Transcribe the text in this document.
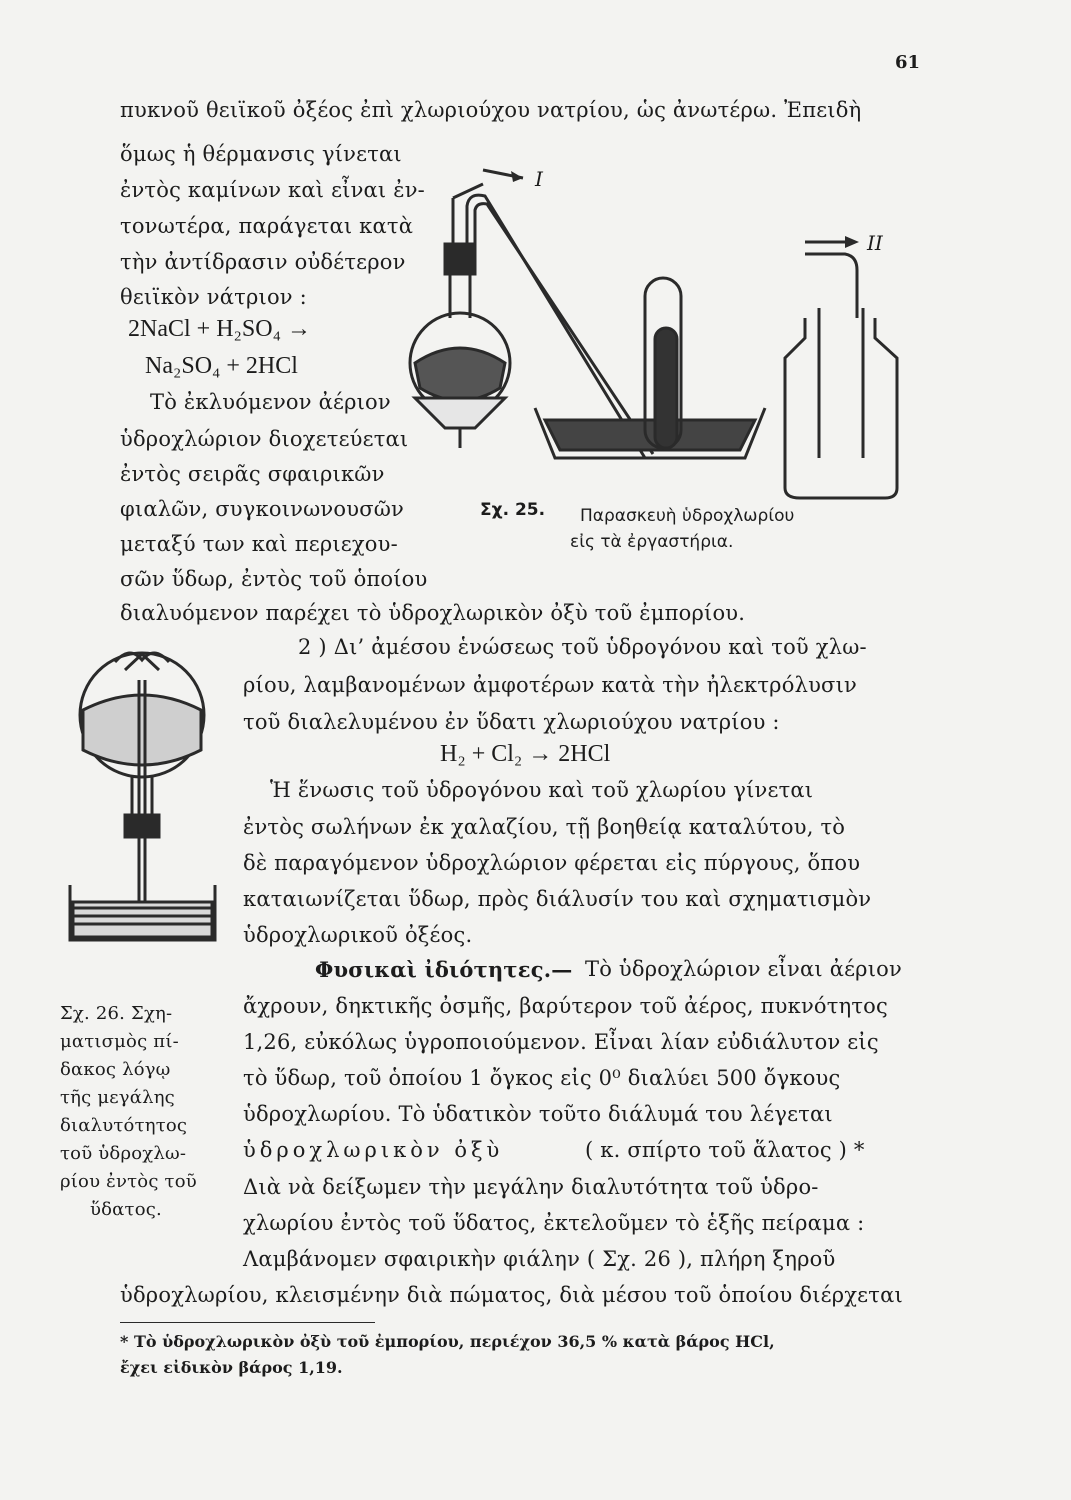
61
πυκνοῦ θειϊκοῦ ὀξέος ἐπὶ χλωριούχου νατρίου, ὡς ἀνωτέρω. Ἐπειδὴ
ὅμως ἡ θέρμανσις γίνεται
ἐντὸς καμίνων καὶ εἶναι ἐν-
τονωτέρα, παράγεται κατὰ
τὴν ἀντίδρασιν οὐδέτερον
θειϊκὸν νάτριον :
2NaCl + H₂SO₄ →
Na₂SO₄ + 2HCl
Τὸ ἐκλυόμενον ἀέριον
ὑδροχλώριον διοχετεύεται
ἐντὸς σειρᾶς σφαιρικῶν
φιαλῶν, συγκοινωνουσῶν
μεταξύ των καὶ περιεχου-
σῶν ὕδωρ, ἐντὸς τοῦ ὁποίου
διαλυόμενον παρέχει τὸ ὑδροχλωρικὸν ὀξὺ τοῦ ἐμπορίου.
I
II
Σχ. 25. Παρασκευὴ ὑδροχλωρίου
εἰς τὰ ἐργαστήρια.
2 ) Δι’ ἀμέσου ἑνώσεως τοῦ ὑδρογόνου καὶ τοῦ χλω-
ρίου, λαμβανομένων ἀμφοτέρων κατὰ τὴν ἠλεκτρόλυσιν
τοῦ διαλελυμένου ἐν ὕδατι χλωριούχου νατρίου :
H₂ + Cl₂ → 2HCl
Ἡ ἕνωσις τοῦ ὑδρογόνου καὶ τοῦ χλωρίου γίνεται
ἐντὸς σωλήνων ἐκ χαλαζίου, τῇ βοηθείᾳ καταλύτου, τὸ
δὲ παραγόμενον ὑδροχλώριον φέρεται εἰς πύργους, ὅπου
καταιωνίζεται ὕδωρ, πρὸς διάλυσίν του καὶ σχηματισμὸν
ὑδροχλωρικοῦ ὀξέος.
Φυσικαὶ ἰδιότητες.— Τὸ ὑδροχλώριον εἶναι ἀέριον
ἄχρουν, δηκτικῆς ὀσμῆς, βαρύτερον τοῦ ἀέρος, πυκνότητος
1,26, εὐκόλως ὑγροποιούμενον. Εἶναι λίαν εὐδιάλυτον εἰς
τὸ ὕδωρ, τοῦ ὁποίου 1 ὄγκος εἰς 0⁰ διαλύει 500 ὄγκους
ὑδροχλωρίου. Τὸ ὑδατικὸν τοῦτο διάλυμά του λέγεται
ὑδροχλωρικὸν ὀξὺ	( κ. σπίρτο τοῦ ἅλατος ) *
Διὰ νὰ δείξωμεν τὴν μεγάλην διαλυτότητα τοῦ ὑδρο-
χλωρίου ἐντὸς τοῦ ὕδατος, ἐκτελοῦμεν τὸ ἑξῆς πείραμα :
Λαμβάνομεν σφαιρικὴν φιάλην ( Σχ. 26 ), πλήρη ξηροῦ
ὑδροχλωρίου, κλεισμένην διὰ πώματος, διὰ μέσου τοῦ ὁποίου διέρχεται
Σχ. 26. Σχη-
ματισμὸς πί-
δακος λόγῳ
τῆς μεγάλης
διαλυτότητος
τοῦ ὑδροχλω-
ρίου ἐντὸς τοῦ
ὕδατος.
* Τὸ ὑδροχλωρικὸν ὀξὺ τοῦ ἐμπορίου, περιέχον 36,5 % κατὰ βάρος HCl,
ἔχει εἰδικὸν βάρος 1,19.
